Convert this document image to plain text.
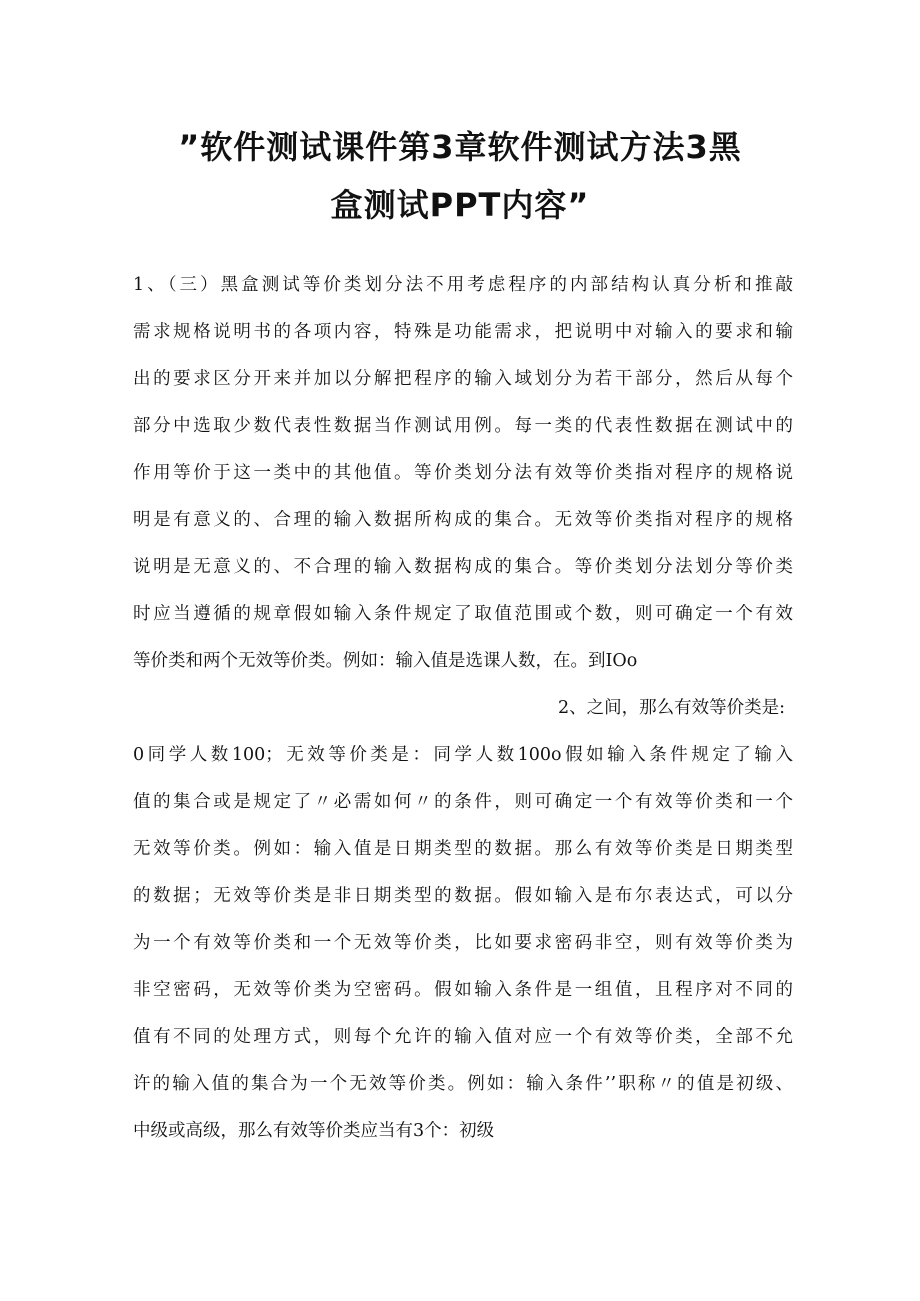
”软件测试课件第3章软件测试方法3黑
盒测试PPT内容”
1、（三）黑盒测试等价类划分法不用考虑程序的内部结构认真分析和推敲
需求规格说明书的各项内容，特殊是功能需求，把说明中对输入的要求和输
出的要求区分开来并加以分解把程序的输入域划分为若干部分，然后从每个
部分中选取少数代表性数据当作测试用例。每一类的代表性数据在测试中的
作用等价于这一类中的其他值。等价类划分法有效等价类指对程序的规格说
明是有意义的、合理的输入数据所构成的集合。无效等价类指对程序的规格
说明是无意义的、不合理的输入数据构成的集合。等价类划分法划分等价类
时应当遵循的规章假如输入条件规定了取值范围或个数，则可确定一个有效
等价类和两个无效等价类。例如：输入值是选课人数，在。到IOo
2、之间，那么有效等价类是:
0同学人数100；无效等价类是：同学人数100o假如输入条件规定了输入
值的集合或是规定了〃必需如何〃的条件，则可确定一个有效等价类和一个
无效等价类。例如：输入值是日期类型的数据。那么有效等价类是日期类型
的数据；无效等价类是非日期类型的数据。假如输入是布尔表达式，可以分
为一个有效等价类和一个无效等价类，比如要求密码非空，则有效等价类为
非空密码，无效等价类为空密码。假如输入条件是一组值，且程序对不同的
值有不同的处理方式，则每个允许的输入值对应一个有效等价类，全部不允
许的输入值的集合为一个无效等价类。例如：输入条件’’职称〃的值是初级、
中级或高级，那么有效等价类应当有3个：初级
